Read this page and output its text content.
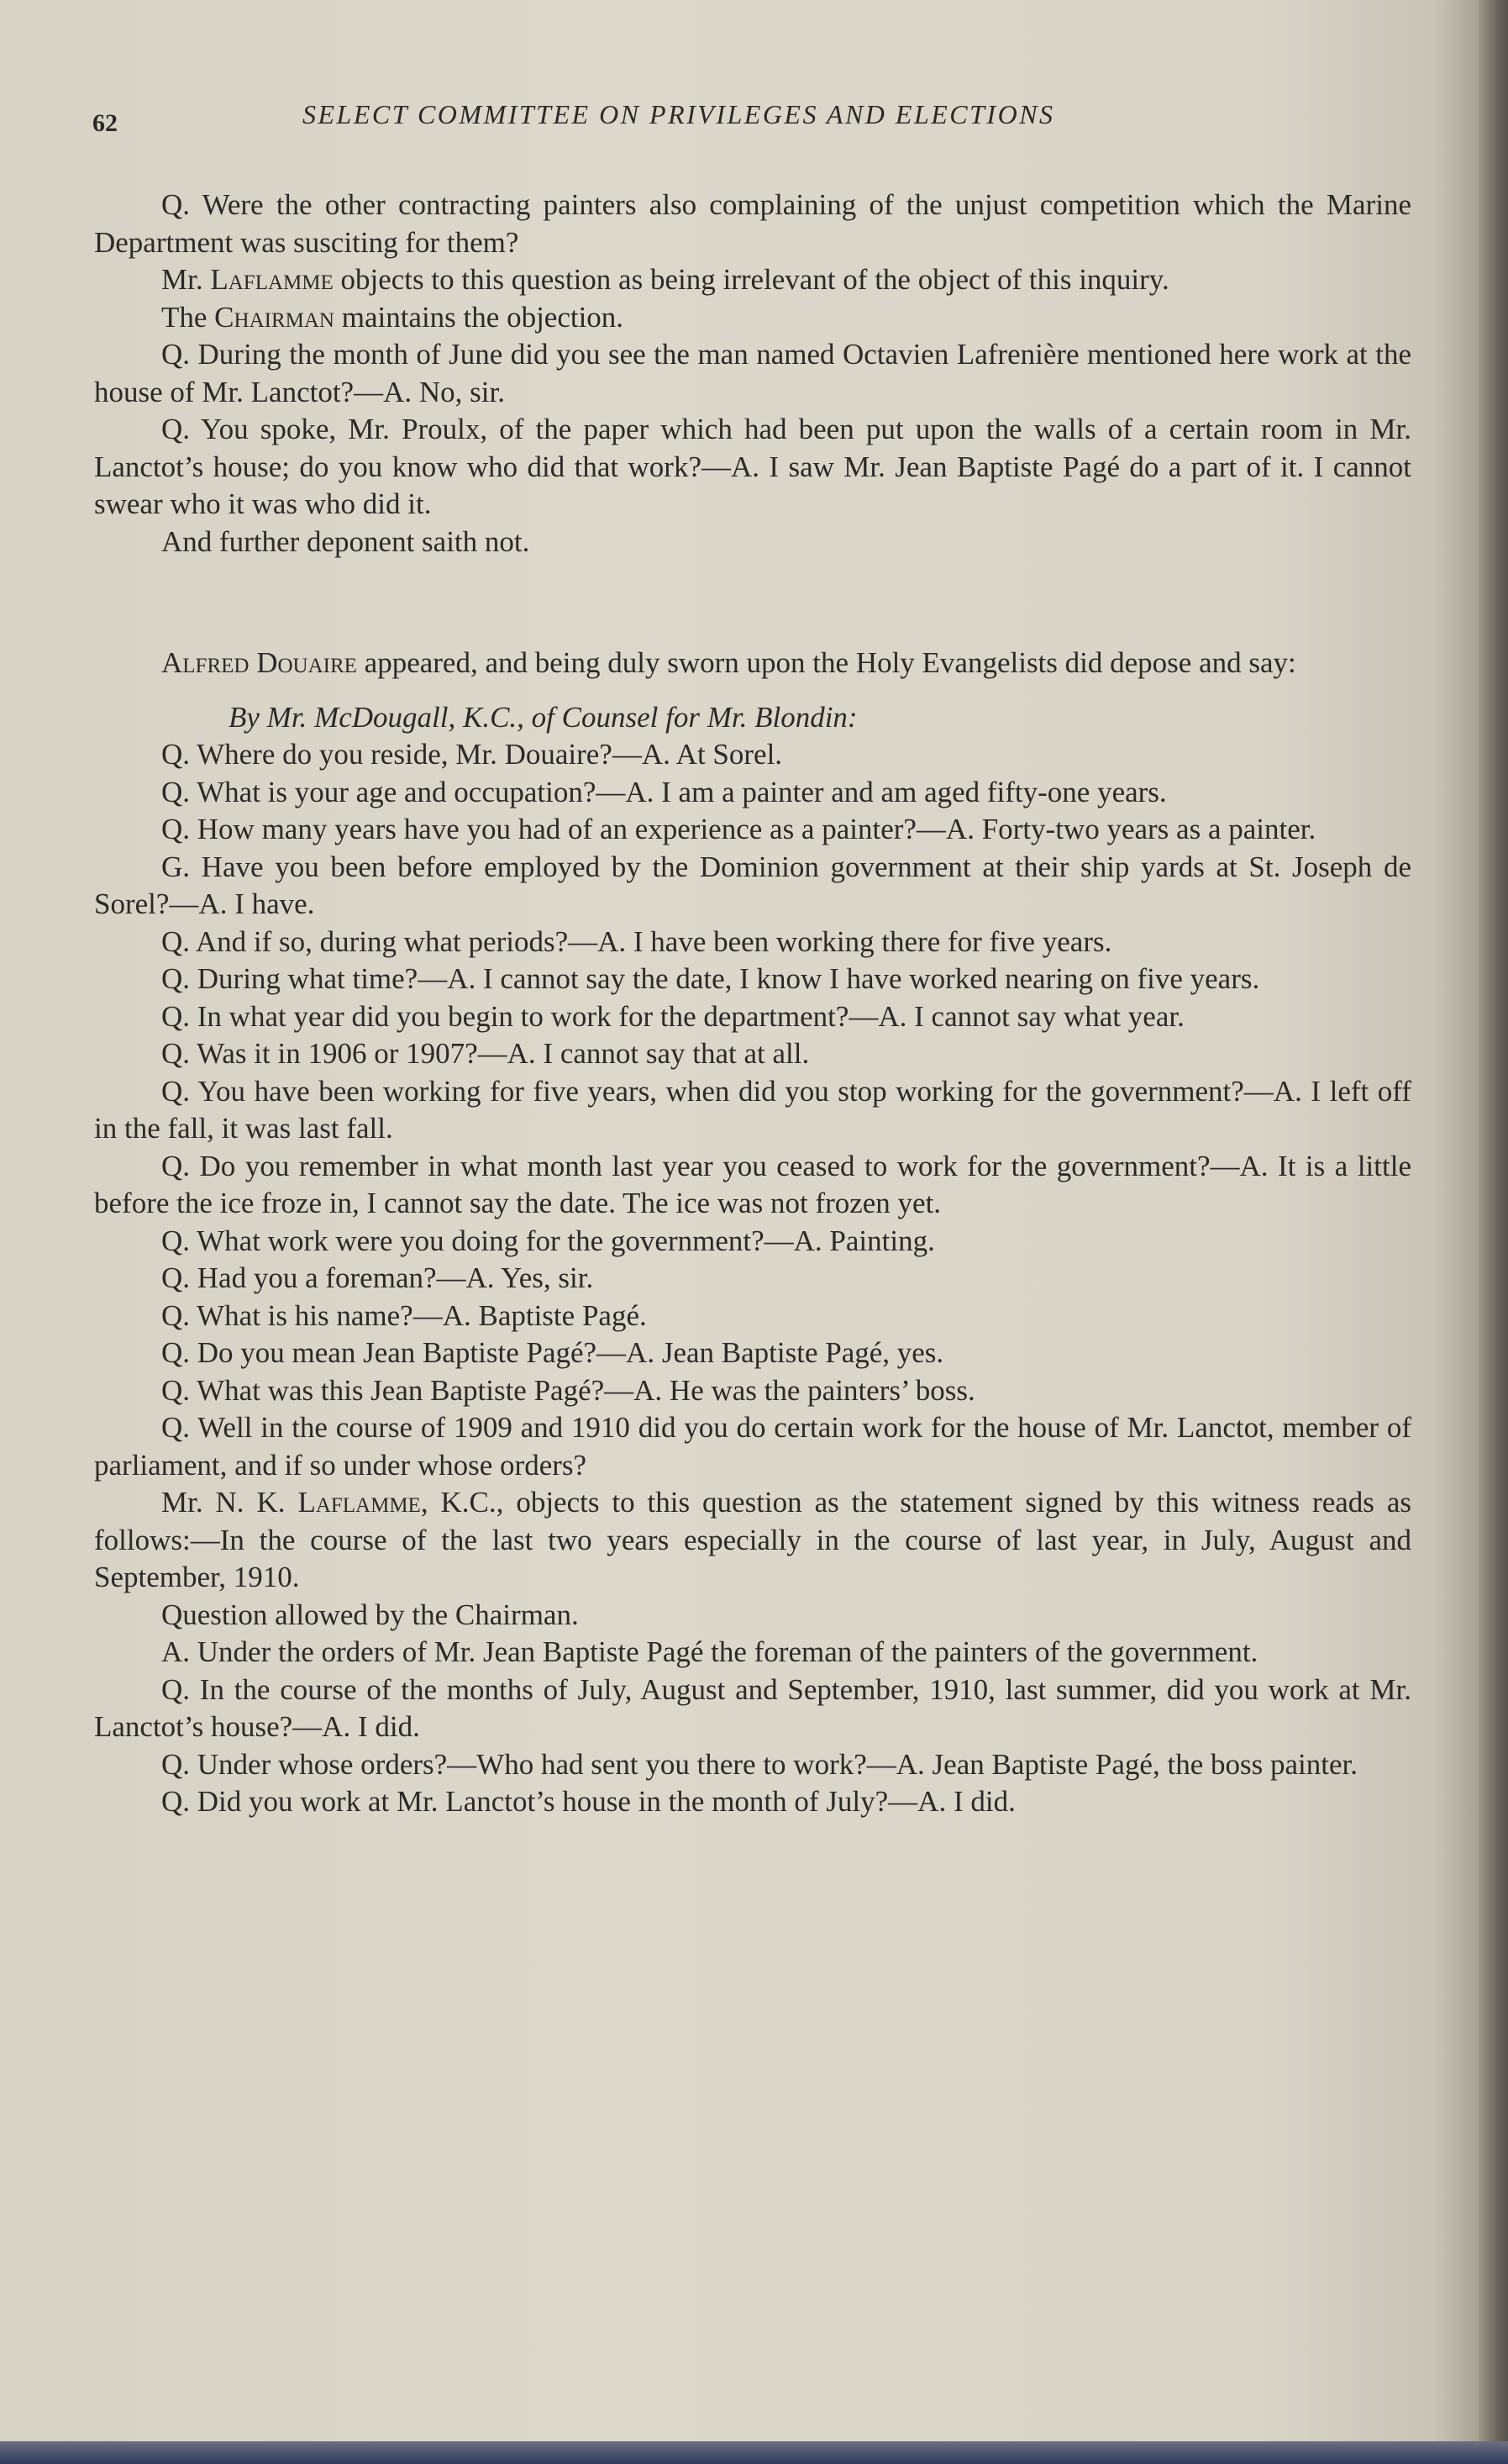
62	SELECT COMMITTEE ON PRIVILEGES AND ELECTIONS

Q. Were the other contracting painters also complaining of the unjust competition which the Marine Department was susciting for them?

Mr. Laflamme objects to this question as being irrelevant of the object of this inquiry.

The Chairman maintains the objection.

Q. During the month of June did you see the man named Octavien Lafrenière mentioned here work at the house of Mr. Lanctot?—A. No, sir.

Q. You spoke, Mr. Proulx, of the paper which had been put upon the walls of a certain room in Mr. Lanctot’s house; do you know who did that work?—A. I saw Mr. Jean Baptiste Pagé do a part of it. I cannot swear who it was who did it.

And further deponent saith not.

Alfred Douaire appeared, and being duly sworn upon the Holy Evangelists did depose and say:

By Mr. McDougall, K.C., of Counsel for Mr. Blondin:

Q. Where do you reside, Mr. Douaire?—A. At Sorel.

Q. What is your age and occupation?—A. I am a painter and am aged fifty-one years.

Q. How many years have you had of an experience as a painter?—A. Forty-two years as a painter.

G. Have you been before employed by the Dominion government at their ship yards at St. Joseph de Sorel?—A. I have.

Q. And if so, during what periods?—A. I have been working there for five years.

Q. During what time?—A. I cannot say the date, I know I have worked nearing on five years.

Q. In what year did you begin to work for the department?—A. I cannot say what year.

Q. Was it in 1906 or 1907?—A. I cannot say that at all.

Q. You have been working for five years, when did you stop working for the government?—A. I left off in the fall, it was last fall.

Q. Do you remember in what month last year you ceased to work for the government?—A. It is a little before the ice froze in, I cannot say the date. The ice was not frozen yet.

Q. What work were you doing for the government?—A. Painting.

Q. Had you a foreman?—A. Yes, sir.

Q. What is his name?—A. Baptiste Pagé.

Q. Do you mean Jean Baptiste Pagé?—A. Jean Baptiste Pagé, yes.

Q. What was this Jean Baptiste Pagé?—A. He was the painters’ boss.

Q. Well in the course of 1909 and 1910 did you do certain work for the house of Mr. Lanctot, member of parliament, and if so under whose orders?

Mr. N. K. Laflamme, K.C., objects to this question as the statement signed by this witness reads as follows:—In the course of the last two years especially in the course of last year, in July, August and September, 1910.

Question allowed by the Chairman.

A. Under the orders of Mr. Jean Baptiste Pagé the foreman of the painters of the government.

Q. In the course of the months of July, August and September, 1910, last summer, did you work at Mr. Lanctot’s house?—A. I did.

Q. Under whose orders?—Who had sent you there to work?—A. Jean Baptiste Pagé, the boss painter.

Q. Did you work at Mr. Lanctot’s house in the month of July?—A. I did.
